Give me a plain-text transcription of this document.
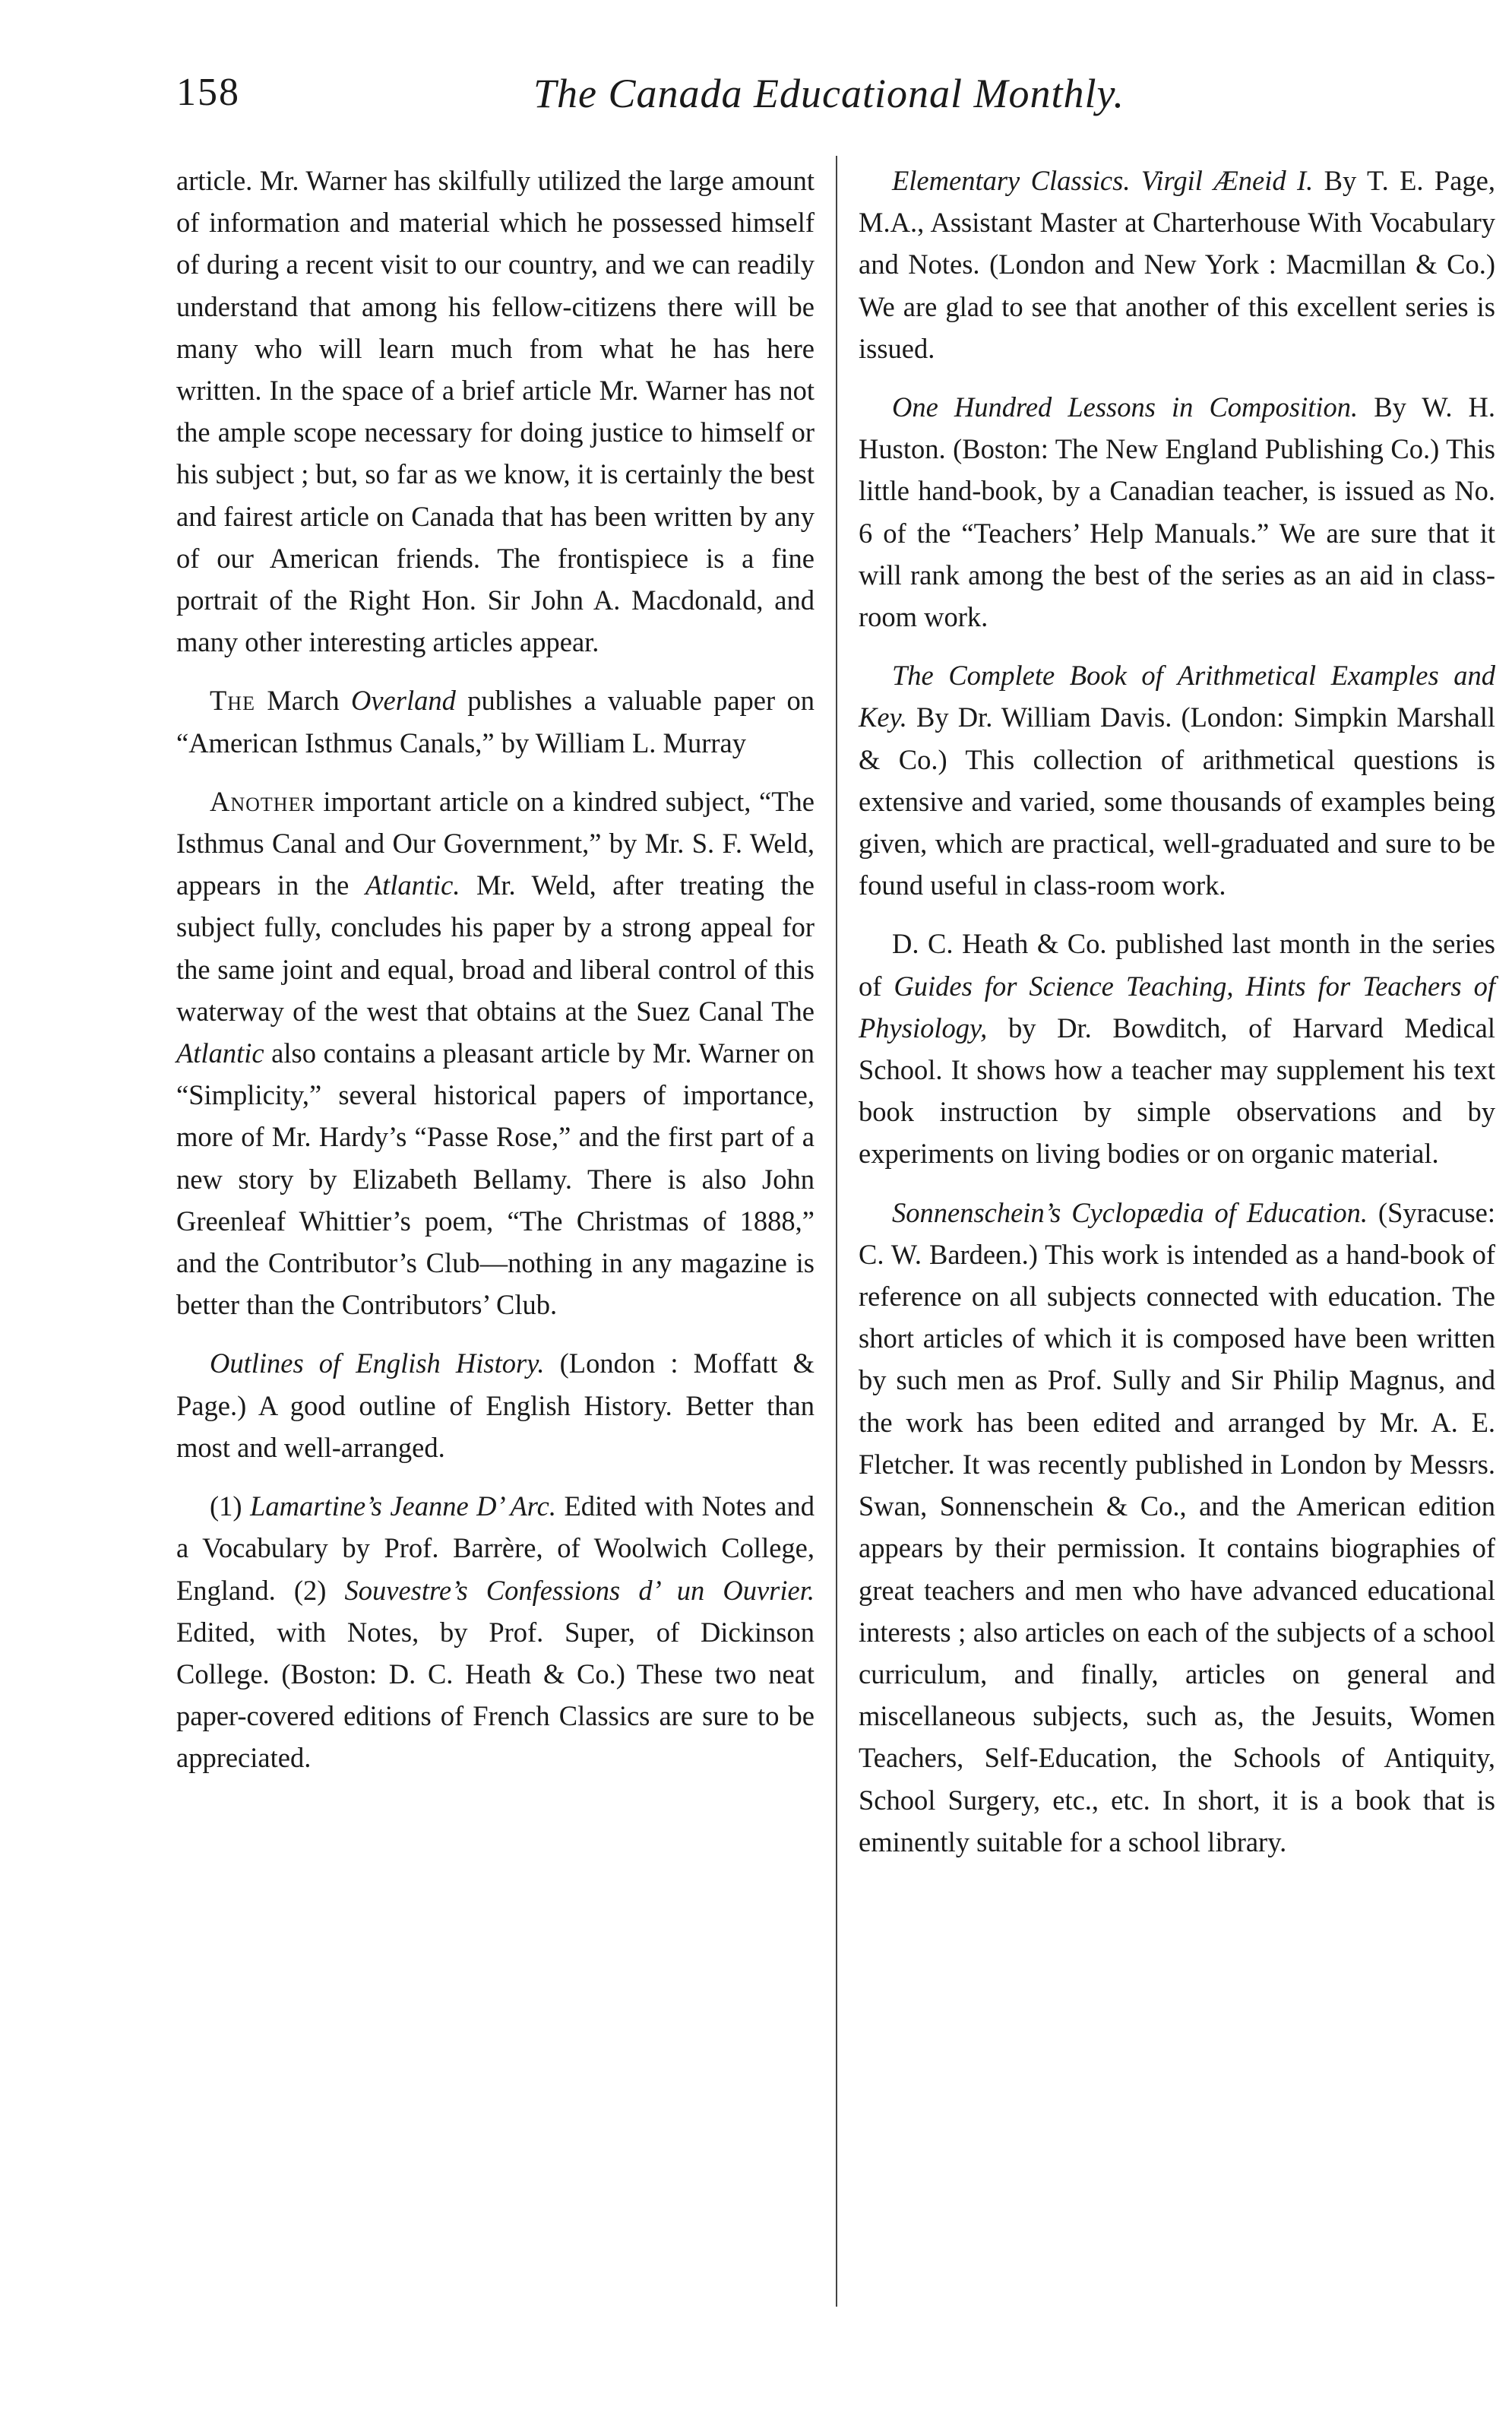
158	The Canada Educational Monthly.

article. Mr. Warner has skilfully utilized the large amount of information and material which he possessed himself of during a recent visit to our country, and we can readily understand that among his fellow-citizens there will be many who will learn much from what he has here written. In the space of a brief article Mr. Warner has not the ample scope necessary for doing justice to himself or his subject ; but, so far as we know, it is certainly the best and fairest article on Canada that has been written by any of our American friends. The frontispiece is a fine portrait of the Right Hon. Sir John A. Macdonald, and many other interesting articles appear.

The March Overland publishes a valuable paper on “American Isthmus Canals,” by William L. Murray

Another important article on a kindred subject, “The Isthmus Canal and Our Government,” by Mr. S. F. Weld, appears in the Atlantic. Mr. Weld, after treating the subject fully, concludes his paper by a strong appeal for the same joint and equal, broad and liberal control of this waterway of the west that obtains at the Suez Canal The Atlantic also contains a pleasant article by Mr. Warner on “Simplicity,” several historical papers of importance, more of Mr. Hardy’s “Passe Rose,” and the first part of a new story by Elizabeth Bellamy. There is also John Greenleaf Whittier’s poem, “The Christmas of 1888,” and the Contributor’s Club—nothing in any magazine is better than the Contributors’ Club.

Outlines of English History. (London : Moffatt & Page.) A good outline of English History. Better than most and well-arranged.

(1) Lamartine’s Jeanne D’ Arc. Edited with Notes and a Vocabulary by Prof. Barrère, of Woolwich College, England. (2) Souvestre’s Confessions d’ un Ouvrier. Edited, with Notes, by Prof. Super, of Dickinson College. (Boston: D. C. Heath & Co.) These two neat paper-covered editions of French Classics are sure to be appreciated.

Elementary Classics. Virgil Æneid I. By T. E. Page, M.A., Assistant Master at Charterhouse With Vocabulary and Notes. (London and New York : Macmillan & Co.) We are glad to see that another of this excellent series is issued.

One Hundred Lessons in Composition. By W. H. Huston. (Boston: The New England Publishing Co.) This little hand-book, by a Canadian teacher, is issued as No. 6 of the “Teachers’ Help Manuals.” We are sure that it will rank among the best of the series as an aid in class-room work.

The Complete Book of Arithmetical Examples and Key. By Dr. William Davis. (London: Simpkin Marshall & Co.) This collection of arithmetical questions is extensive and varied, some thousands of examples being given, which are practical, well-graduated and sure to be found useful in class-room work.

D. C. Heath & Co. published last month in the series of Guides for Science Teaching, Hints for Teachers of Physiology, by Dr. Bowditch, of Harvard Medical School. It shows how a teacher may supplement his text book instruction by simple observations and by experiments on living bodies or on organic material.

Sonnenschein’s Cyclopædia of Education. (Syracuse: C. W. Bardeen.) This work is intended as a hand-book of reference on all subjects connected with education. The short articles of which it is composed have been written by such men as Prof. Sully and Sir Philip Magnus, and the work has been edited and arranged by Mr. A. E. Fletcher. It was recently published in London by Messrs. Swan, Sonnenschein & Co., and the American edition appears by their permission. It contains biographies of great teachers and men who have advanced educational interests ; also articles on each of the subjects of a school curriculum, and finally, articles on general and miscellaneous subjects, such as, the Jesuits, Women Teachers, Self-Education, the Schools of Antiquity, School Surgery, etc., etc. In short, it is a book that is eminently suitable for a school library.
